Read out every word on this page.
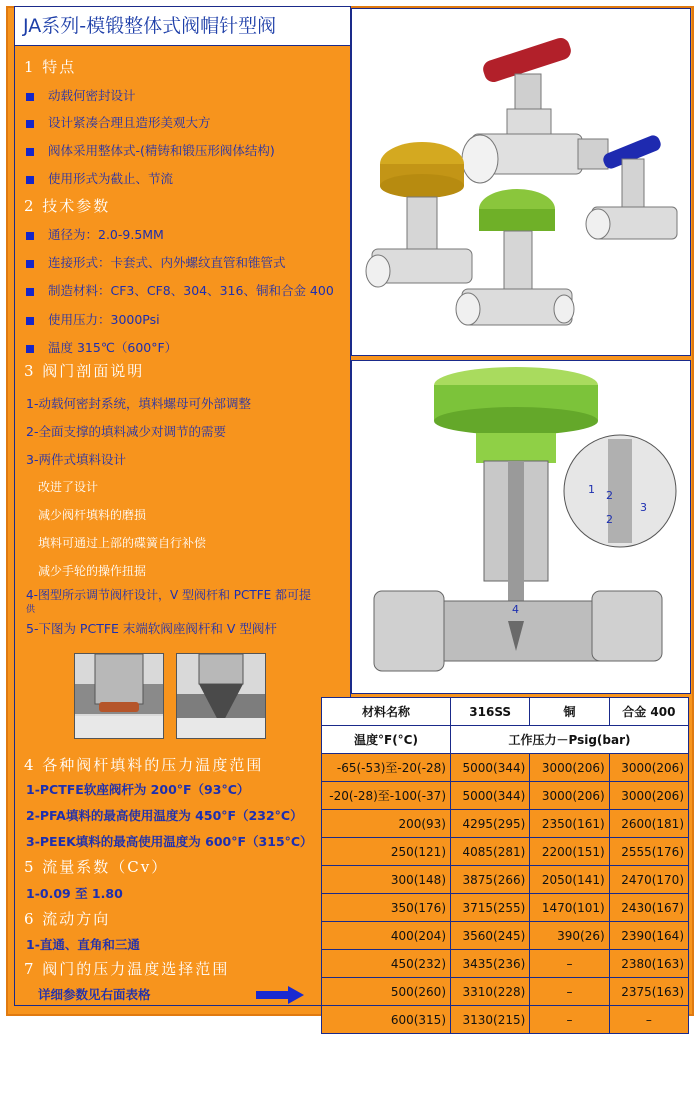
JA系列-模锻整体式阀帽针型阀
1 特点
动载何密封设计
设计紧凑合理且造形美观大方
阀体采用整体式-(精铸和锻压形阀体结构)
使用形式为截止、节流
2 技术参数
通径为：2.0-9.5MM
连接形式：卡套式、内外螺纹直管和锥管式
制造材料：CF3、CF8、304、316、铜和合金 400
使用压力：3000Psi
温度 315℃（600°F）
3 阀门剖面说明
1-动载何密封系统，填料螺母可外部调整
2-全面支撑的填料减少对调节的需要
3-两件式填料设计
改进了设计
减少阀杆填料的磨损
填料可通过上部的碟簧自行补偿
减少手轮的操作扭据
4-图型所示调节阀杆设计，V 型阀杆和 PCTFE 都可提
供
5-下图为 PCTFE 末端软阀座阀杆和 V 型阀杆
4 各种阀杆填料的压力温度范围
1-PCTFE软座阀杆为 200°F（93°C）
2-PFA填料的最高使用温度为 450°F（232°C）
3-PEEK填料的最高使用温度为 600°F（315°C）
5 流量系数（Cv）
1-0.09 至 1.80
6 流动方向
1-直通、直角和三通
7 阀门的压力温度选择范围
详细参数见右面表格
4
1 2
2
3
材料名称	316SS	铜	合金 400
温度°F(°C)	工作压力－Psig(bar)		
-65(-53)至-20(-28)	5000(344)	3000(206)	3000(206)
-20(-28)至-100(-37)	5000(344)	3000(206)	3000(206)
200(93)	4295(295)	2350(161)	2600(181)
250(121)	4085(281)	2200(151)	2555(176)
300(148)	3875(266)	2050(141)	2470(170)
350(176)	3715(255)	1470(101)	2430(167)
400(204)	3560(245)	390(26)	2390(164)
450(232)	3435(236)	–	2380(163)
500(260)	3310(228)	–	2375(163)
600(315)	3130(215)	–	–
